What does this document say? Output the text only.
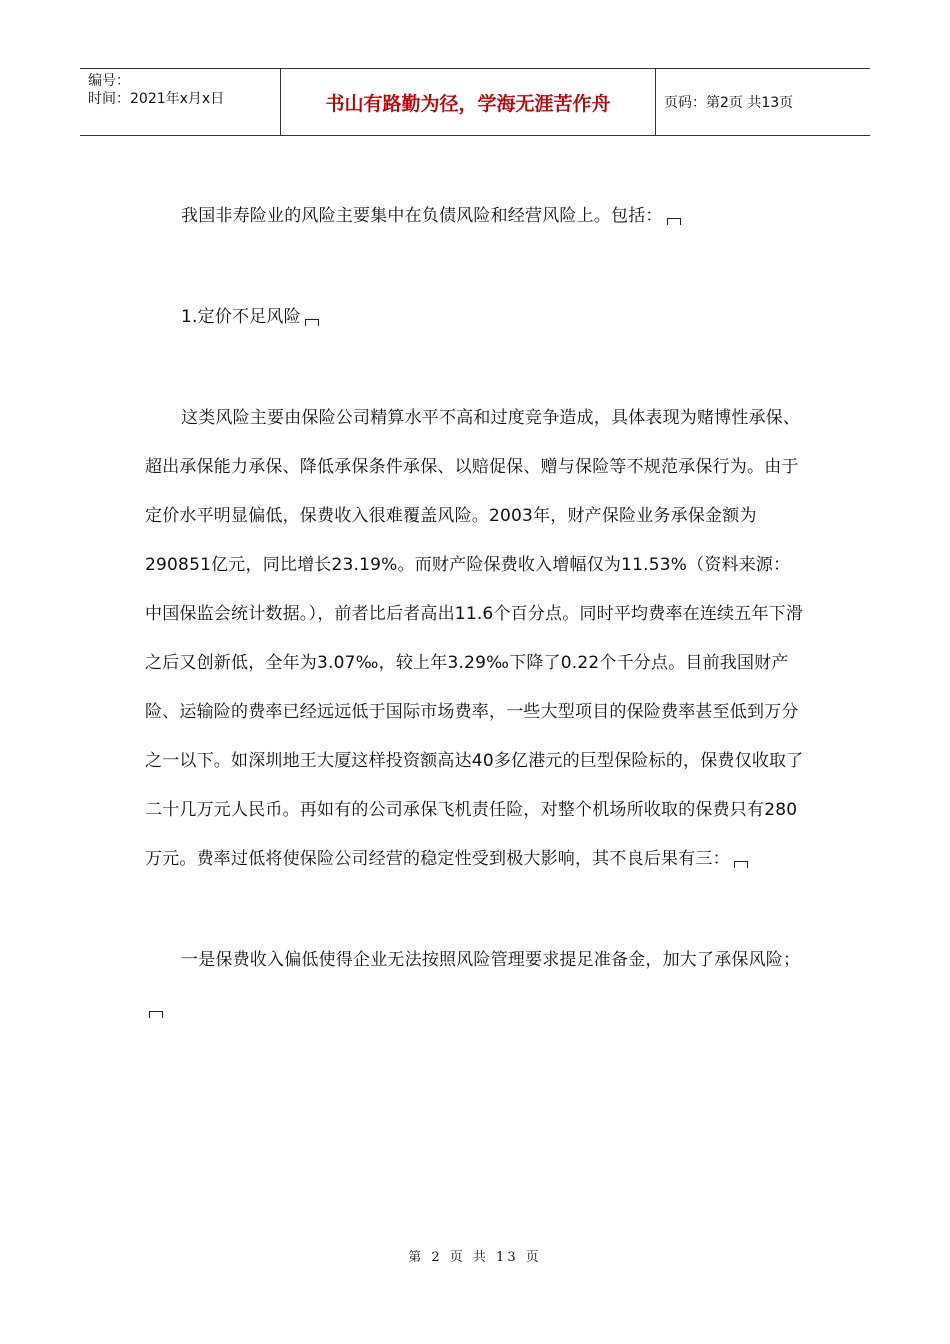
编号：
时间：2021年x月x日	书山有路勤为径，学海无涯苦作舟	页码：第2页 共13页

我国非寿险业的风险主要集中在负债风险和经营风险上。包括：

1.定价不足风险

这类风险主要由保险公司精算水平不高和过度竞争造成，具体表现为赌博性承保、超出承保能力承保、降低承保条件承保、以赔促保、赠与保险等不规范承保行为。由于定价水平明显偏低，保费收入很难覆盖风险。2003年，财产保险业务承保金额为290851亿元，同比增长23.19%。而财产险保费收入增幅仅为11.53%（资料来源：中国保监会统计数据。），前者比后者高出11.6个百分点。同时平均费率在连续五年下滑之后又创新低，全年为3.07‰，较上年3.29‰下降了0.22个千分点。目前我国财产险、运输险的费率已经远远低于国际市场费率，一些大型项目的保险费率甚至低到万分之一以下。如深圳地王大厦这样投资额高达40多亿港元的巨型保险标的，保费仅收取了二十几万元人民币。再如有的公司承保飞机责任险，对整个机场所收取的保费只有280万元。费率过低将使保险公司经营的稳定性受到极大影响，其不良后果有三：

一是保费收入偏低使得企业无法按照风险管理要求提足准备金，加大了承保风险；

第 2 页 共 13 页
